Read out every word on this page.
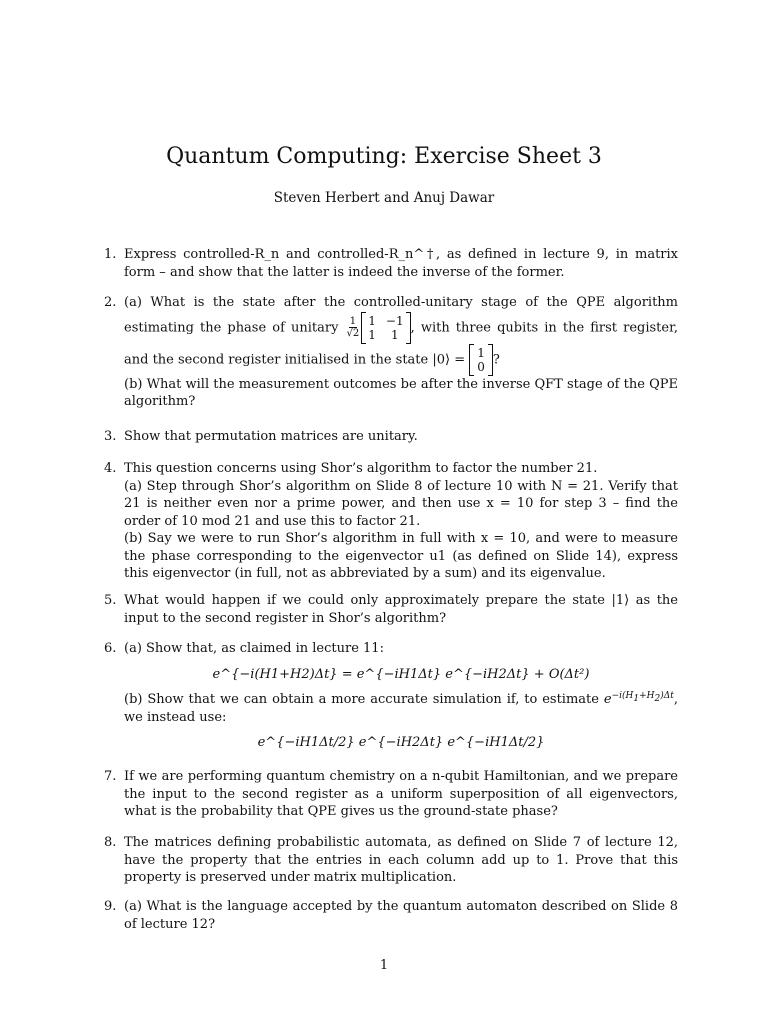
Quantum Computing: Exercise Sheet 3
Steven Herbert and Anuj Dawar
1. Express controlled-R_n and controlled-R_n^†, as defined in lecture 9, in matrix form – and show that the latter is indeed the inverse of the former.
2. (a) What is the state after the controlled-unitary stage of the QPE algorithm estimating the phase of unitary $\frac{1}{√2} 1 -1$
1	1 , with three qubits in the first register, and the second register initialised in the state |0⟩ = 1
0 ?
(b) What will the measurement outcomes be after the inverse QFT stage of the QPE algorithm?
3. Show that permutation matrices are unitary.
4. This question concerns using Shor’s algorithm to factor the number 21.
(a) Step through Shor’s algorithm on Slide 8 of lecture 10 with N = 21. Verify that 21 is neither even nor a prime power, and then use x = 10 for step 3 – find the order of 10 mod 21 and use this to factor 21.
(b) Say we were to run Shor’s algorithm in full with x = 10, and were to measure the phase corresponding to the eigenvector u1 (as defined on Slide 14), express this eigenvector (in full, not as abbreviated by a sum) and its eigenvalue.
5. What would happen if we could only approximately prepare the state |1⟩ as the input to the second register in Shor’s algorithm?
6. (a) Show that, as claimed in lecture 11:
e^{−i(H1+H2)Δt} = e^{−iH1Δt} e^{−iH2Δt} + O(Δt²)
(b) Show that we can obtain a more accurate simulation if, to estimate $e^{-i(H_1+H_2)\Delta t}$, we instead use:
e^{−iH1Δt/2} e^{−iH2Δt} e^{−iH1Δt/2}
7. If we are performing quantum chemistry on a n-qubit Hamiltonian, and we prepare the input to the second register as a uniform superposition of all eigenvectors, what is the probability that QPE gives us the ground-state phase?
8. The matrices defining probabilistic automata, as defined on Slide 7 of lecture 12, have the property that the entries in each column add up to 1. Prove that this property is preserved under matrix multiplication.
9. (a) What is the language accepted by the quantum automaton described on Slide 8 of lecture 12?
1
